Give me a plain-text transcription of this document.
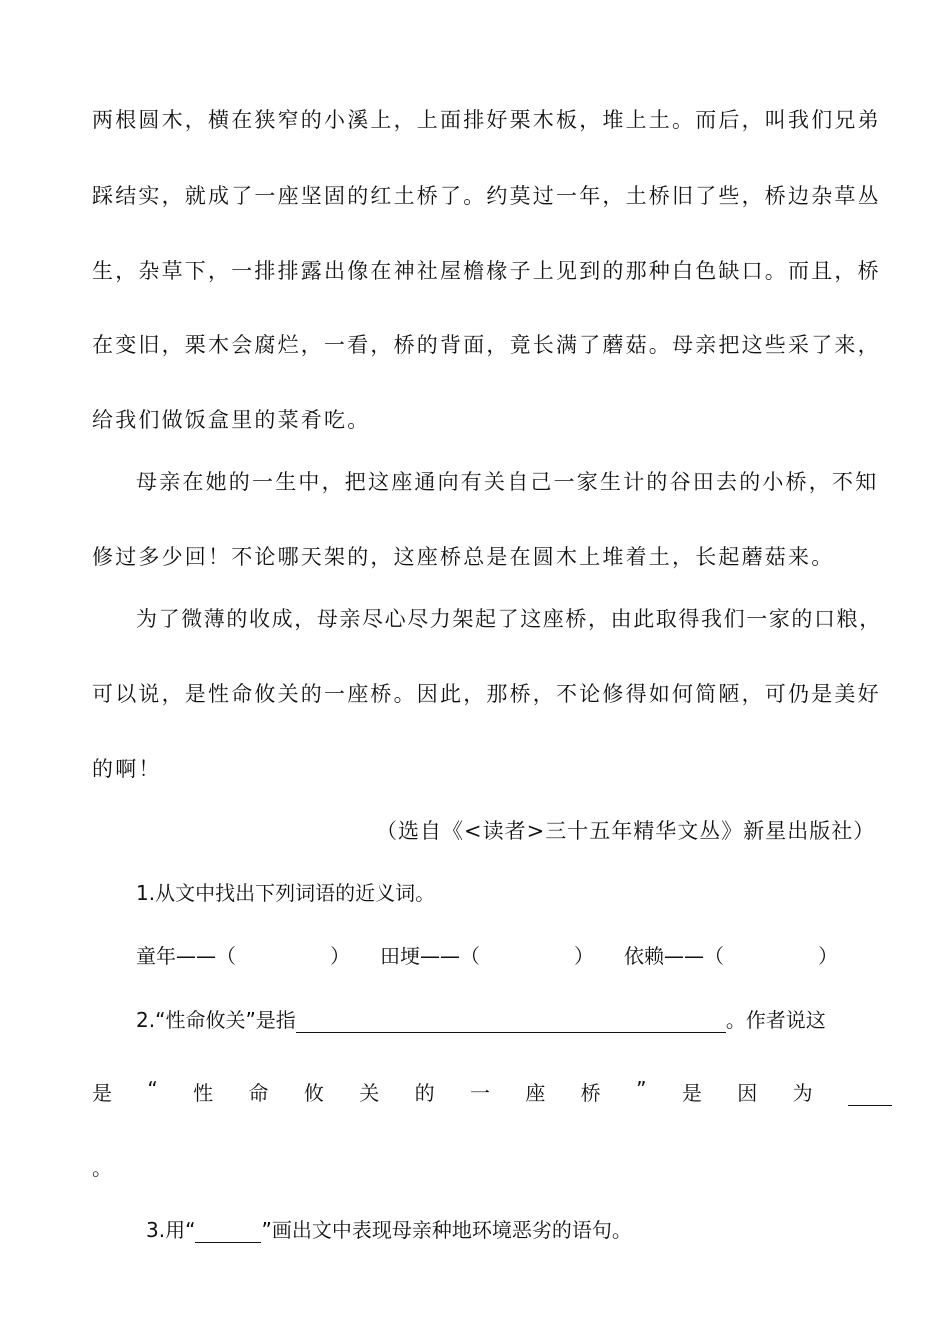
两根圆木，横在狭窄的小溪上，上面排好栗木板，堆上土。而后，叫我们兄弟
踩结实，就成了一座坚固的红土桥了。约莫过一年，土桥旧了些，桥边杂草丛
生，杂草下，一排排露出像在神社屋檐椽子上见到的那种白色缺口。而且，桥
在变旧，栗木会腐烂，一看，桥的背面，竟长满了蘑菇。母亲把这些采了来，
给我们做饭盒里的菜肴吃。
母亲在她的一生中，把这座通向有关自己一家生计的谷田去的小桥，不知
修过多少回！不论哪天架的，这座桥总是在圆木上堆着土，长起蘑菇来。
为了微薄的收成，母亲尽心尽力架起了这座桥，由此取得我们一家的口粮，
可以说，是性命攸关的一座桥。因此，那桥，不论修得如何简陋，可仍是美好
的啊！
（选自《<读者>三十五年精华文丛》新星出版社）
1.从文中找出下列词语的近义词。
童年——（	） 田埂——（	） 依赖——（	）
2.“性命攸关”是指	。作者说这
是 “ 性 命 攸 关 的 一 座 桥 ” 是 因 为

。
3.用“	”画出文中表现母亲种地环境恶劣的语句。
